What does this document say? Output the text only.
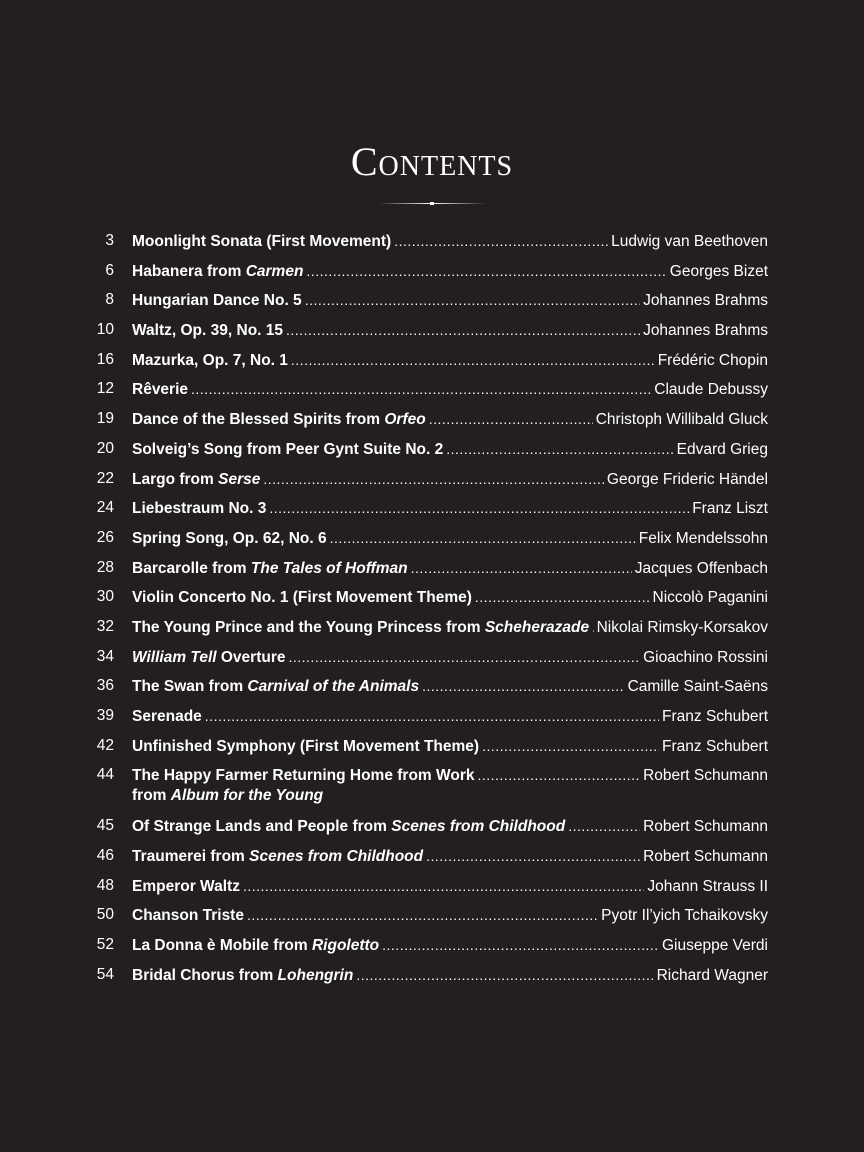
Contents
3 Moonlight Sonata (First Movement) .....	Ludwig van Beethoven
6 Habanera from Carmen .....	Georges Bizet
8 Hungarian Dance No. 5 .....	Johannes Brahms
10 Waltz, Op. 39, No. 15 .....	Johannes Brahms
16 Mazurka, Op. 7, No. 1 .....	Frédéric Chopin
12 Rêverie .....	Claude Debussy
19 Dance of the Blessed Spirits from Orfeo .....	Christoph Willibald Gluck
20 Solveig’s Song from Peer Gynt Suite No. 2 .....	Edvard Grieg
22 Largo from Serse .....	George Frideric Händel
24 Liebestraum No. 3 .....	Franz Liszt
26 Spring Song, Op. 62, No. 6 .....	Felix Mendelssohn
28 Barcarolle from The Tales of Hoffman .....	Jacques Offenbach
30 Violin Concerto No. 1 (First Movement Theme) .....	Niccolò Paganini
32 The Young Prince and the Young Princess from Scheherazade ..... Nikolai Rimsky-Korsakov
34 William Tell Overture .....	Gioachino Rossini
36 The Swan from Carnival of the Animals .....	Camille Saint-Saëns
39 Serenade .....	Franz Schubert
42 Unfinished Symphony (First Movement Theme) .....	Franz Schubert
44 The Happy Farmer Returning Home from Work .....	Robert Schumann
from Album for the Young
45 Of Strange Lands and People from Scenes from Childhood .....	Robert Schumann
46 Traumerei from Scenes from Childhood .....	Robert Schumann
48 Emperor Waltz .....	Johann Strauss II
50 Chanson Triste .....	Pyotr Il’yich Tchaikovsky
52 La Donna è Mobile from Rigoletto .....	Giuseppe Verdi
54 Bridal Chorus from Lohengrin .....	Richard Wagner
